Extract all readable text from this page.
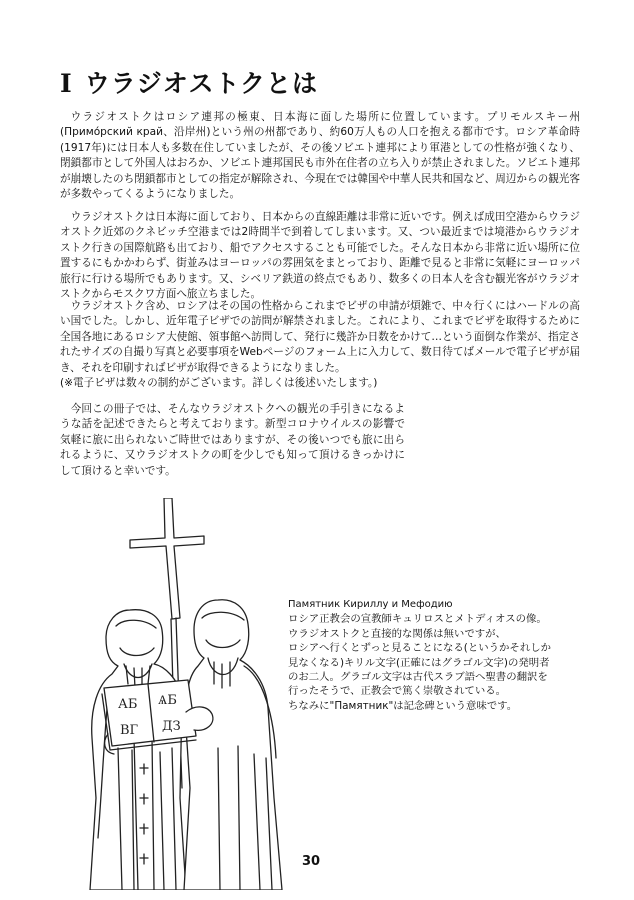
I ウラジオストクとは

ウラジオストクはロシア連邦の極東、日本海に面した場所に位置しています。プリモルスキー州(Примо́рский край、沿岸州)という州の州都であり、約60万人もの人口を抱える都市です。ロシア革命時(1917年)には日本人も多数在住していましたが、その後ソビエト連邦により軍港としての性格が強くなり、閉鎖都市として外国人はおろか、ソビエト連邦国民も市外在住者の立ち入りが禁止されました。ソビエト連邦が崩壊したのち閉鎖都市としての指定が解除され、今現在では韓国や中華人民共和国など、周辺からの観光客が多数やってくるようになりました。

ウラジオストクは日本海に面しており、日本からの直線距離は非常に近いです。例えば成田空港からウラジオストク近郊のクネビッチ空港までは2時間半で到着してしまいます。又、つい最近までは境港からウラジオストク行きの国際航路も出ており、船でアクセスすることも可能でした。そんな日本から非常に近い場所に位置するにもかかわらず、街並みはヨーロッパの雰囲気をまとっており、距離で見ると非常に気軽にヨーロッパ旅行に行ける場所でもあります。又、シベリア鉄道の終点でもあり、数多くの日本人を含む観光客がウラジオストクからモスクワ方面へ旅立ちました。

ウラジオストク含め、ロシアはその国の性格からこれまでビザの申請が煩雑で、中々行くにはハードルの高い国でした。しかし、近年電子ビザでの訪問が解禁されました。これにより、これまでビザを取得するために全国各地にあるロシア大使館、領事館へ訪問して、発行に幾許か日数をかけて…という面倒な作業が、指定されたサイズの自撮り写真と必要事項をWebページのフォーム上に入力して、数日待てばメールで電子ビザが届き、それを印刷すればビザが取得できるようになりました。
(※電子ビザは数々の制約がございます。詳しくは後述いたします。)

今回この冊子では、そんなウラジオストクへの観光の手引きになるような話を記述できたらと考えております。新型コロナウイルスの影響で気軽に旅に出られないご時世ではありますが、その後いつでも旅に出られるように、又ウラジオストクの町を少しでも知って頂けるきっかけにして頂けると幸いです。

АБ
ВГ
ѦБ
ДЗ
Памятник Кириллу и Мефодию
ロシア正教会の宣教師キュリロスとメトディオスの像。
ウラジオストクと直接的な関係は無いですが、
ロシアへ行くとずっと見ることになる(というかそれしか
見なくなる)キリル文字(正確にはグラゴル文字)の発明者
のお二人。グラゴル文字は古代スラブ語へ聖書の翻訳を
行ったそうで、正教会で篤く崇敬されている。
ちなみに"Памятник"は記念碑という意味です。
30
